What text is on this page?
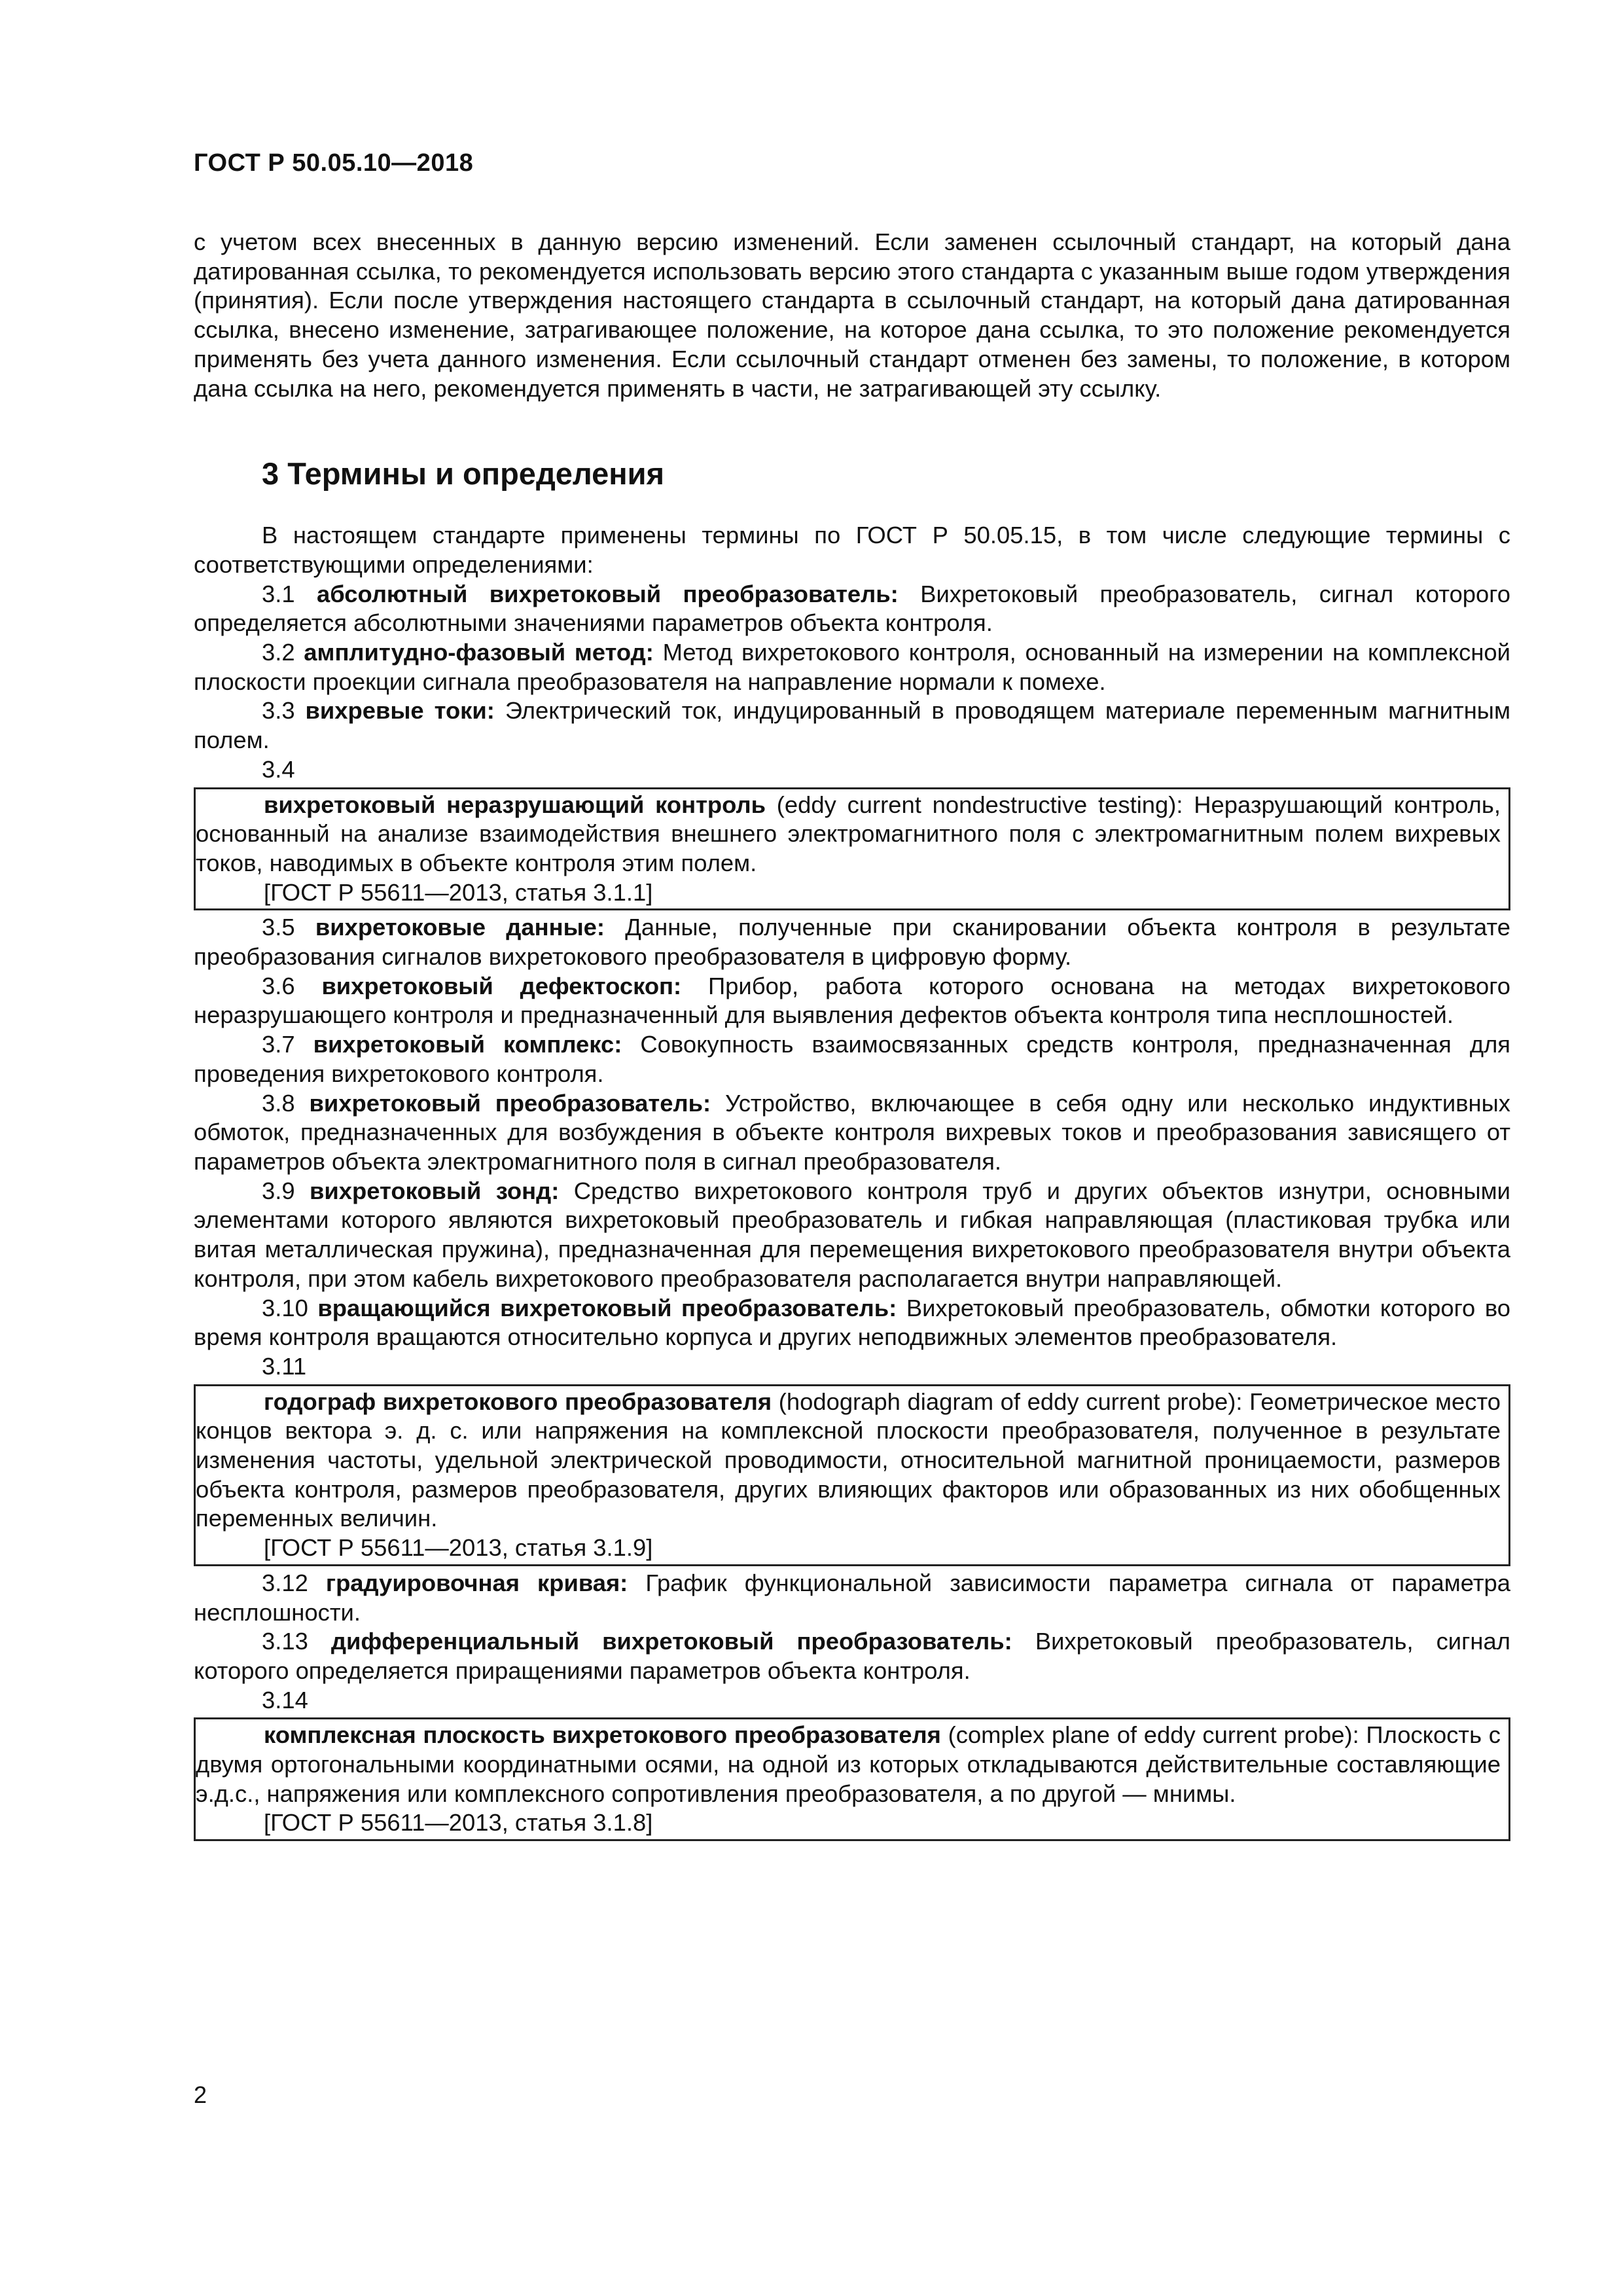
ГОСТ Р 50.05.10—2018

с учетом всех внесенных в данную версию изменений. Если заменен ссылочный стандарт, на который дана датированная ссылка, то рекомендуется использовать версию этого стандарта с указанным выше годом утверждения (принятия). Если после утверждения настоящего стандарта в ссылочный стандарт, на который дана датированная ссылка, внесено изменение, затрагивающее положение, на которое дана ссылка, то это положение рекомендуется применять без учета данного изменения. Если ссылочный стандарт отменен без замены, то положение, в котором дана ссылка на него, рекомендуется применять в части, не затрагивающей эту ссылку.

3 Термины и определения

В настоящем стандарте применены термины по ГОСТ Р 50.05.15, в том числе следующие термины с соответствующими определениями:

3.1 абсолютный вихретоковый преобразователь: Вихретоковый преобразователь, сигнал которого определяется абсолютными значениями параметров объекта контроля.

3.2 амплитудно-фазовый метод: Метод вихретокового контроля, основанный на измерении на комплексной плоскости проекции сигнала преобразователя на направление нормали к помехе.

3.3 вихревые токи: Электрический ток, индуцированный в проводящем материале переменным магнитным полем.

3.4

вихретоковый неразрушающий контроль (eddy current nondestructive testing): Неразрушающий контроль, основанный на анализе взаимодействия внешнего электромагнитного поля с электромагнитным полем вихревых токов, наводимых в объекте контроля этим полем.

[ГОСТ Р 55611—2013, статья 3.1.1]

3.5 вихретоковые данные: Данные, полученные при сканировании объекта контроля в результате преобразования сигналов вихретокового преобразователя в цифровую форму.

3.6 вихретоковый дефектоскоп: Прибор, работа которого основана на методах вихретокового неразрушающего контроля и предназначенный для выявления дефектов объекта контроля типа несплошностей.

3.7 вихретоковый комплекс: Совокупность взаимосвязанных средств контроля, предназначенная для проведения вихретокового контроля.

3.8 вихретоковый преобразователь: Устройство, включающее в себя одну или несколько индуктивных обмоток, предназначенных для возбуждения в объекте контроля вихревых токов и преобразования зависящего от параметров объекта электромагнитного поля в сигнал преобразователя.

3.9 вихретоковый зонд: Средство вихретокового контроля труб и других объектов изнутри, основными элементами которого являются вихретоковый преобразователь и гибкая направляющая (пластиковая трубка или витая металлическая пружина), предназначенная для перемещения вихретокового преобразователя внутри объекта контроля, при этом кабель вихретокового преобразователя располагается внутри направляющей.

3.10 вращающийся вихретоковый преобразователь: Вихретоковый преобразователь, обмотки которого во время контроля вращаются относительно корпуса и других неподвижных элементов преобразователя.

3.11

годограф вихретокового преобразователя (hodograph diagram of eddy current probe): Геометрическое место концов вектора э. д. с. или напряжения на комплексной плоскости преобразователя, полученное в результате изменения частоты, удельной электрической проводимости, относительной магнитной проницаемости, размеров объекта контроля, размеров преобразователя, других влияющих факторов или образованных из них обобщенных переменных величин.

[ГОСТ Р 55611—2013, статья 3.1.9]

3.12 градуировочная кривая: График функциональной зависимости параметра сигнала от параметра несплошности.

3.13 дифференциальный вихретоковый преобразователь: Вихретоковый преобразователь, сигнал которого определяется приращениями параметров объекта контроля.

3.14

комплексная плоскость вихретокового преобразователя (complex plane of eddy current probe): Плоскость с двумя ортогональными координатными осями, на одной из которых откладываются действительные составляющие э.д.с., напряжения или комплексного сопротивления преобразователя, а по другой — мнимы.

[ГОСТ Р 55611—2013, статья 3.1.8]

2
